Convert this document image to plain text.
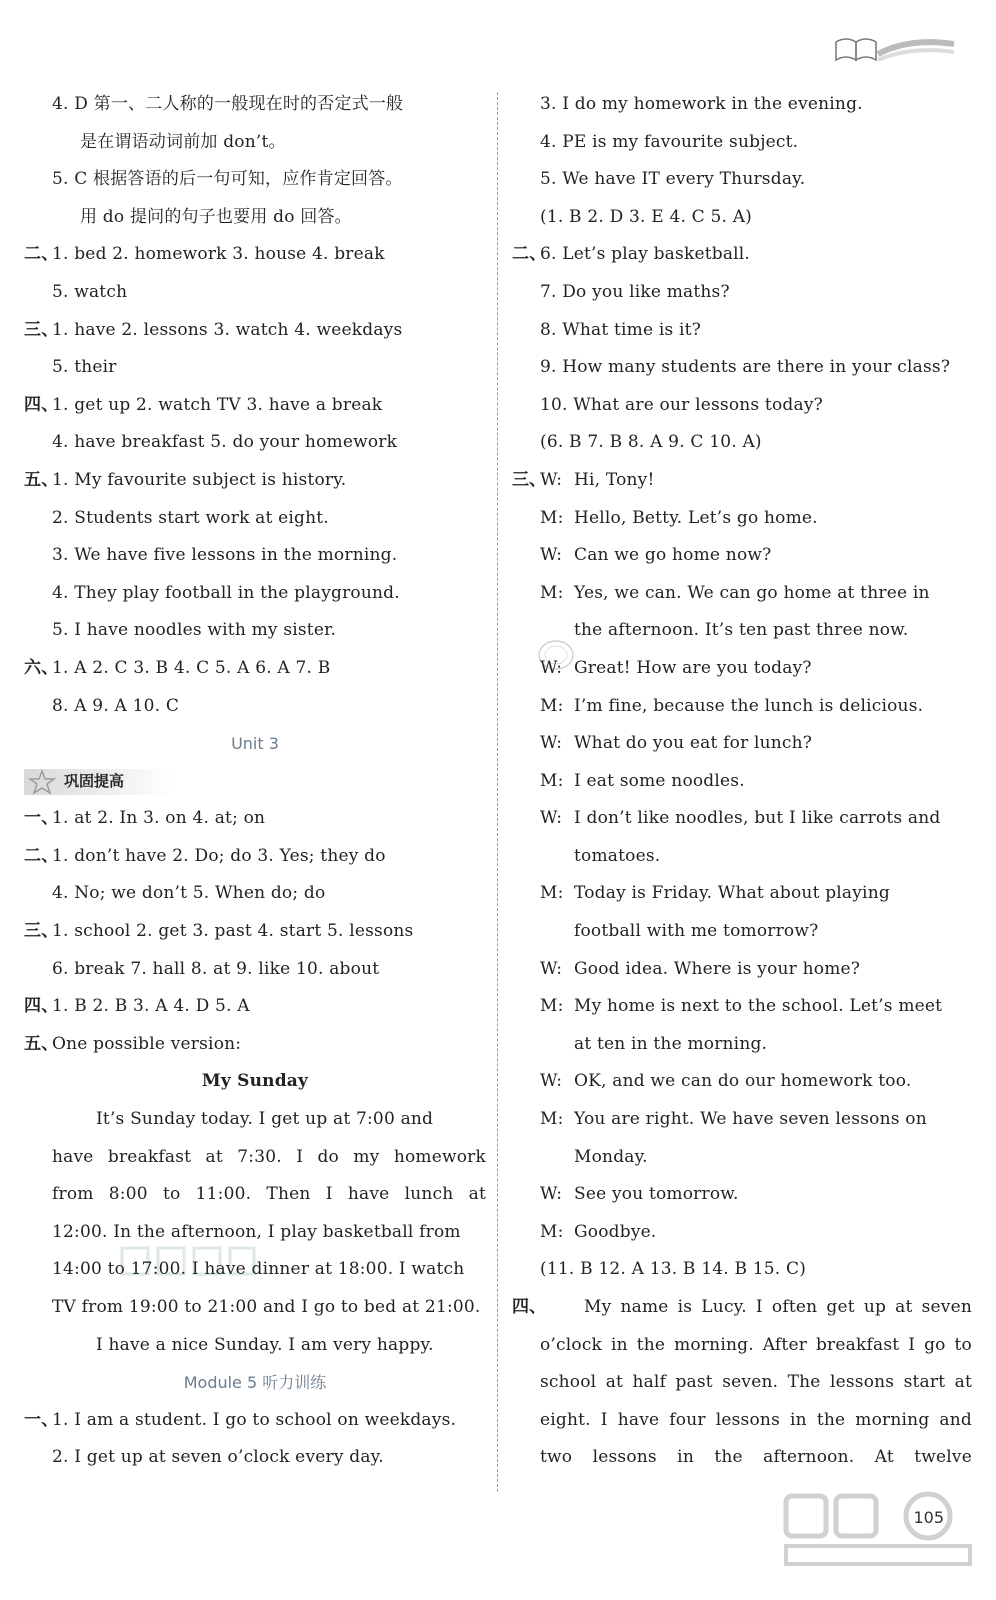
4. D 第一、二人称的一般现在时的否定式一般
是在谓语动词前加 don’t。
5. C 根据答语的后一句可知，应作肯定回答。
用 do 提问的句子也要用 do 回答。
二、
1. bed 2. homework 3. house 4. break
5. watch
三、
1. have 2. lessons 3. watch 4. weekdays
5. their
四、
1. get up 2. watch TV 3. have a break
4. have breakfast 5. do your homework
五、
1. My favourite subject is history.
2. Students start work at eight.
3. We have five lessons in the morning.
4. They play football in the playground.
5. I have noodles with my sister.
六、
1. A 2. C 3. B 4. C 5. A 6. A 7. B
8. A 9. A 10. C
Unit 3
巩固提高
一、
1. at 2. In 3. on 4. at; on
二、
1. don’t have 2. Do; do 3. Yes; they do
4. No; we don’t 5. When do; do
三、
1. school 2. get 3. past 4. start 5. lessons
6. break 7. hall 8. at 9. like 10. about
四、
1. B 2. B 3. A 4. D 5. A
五、
One possible version:
My Sunday
It’s Sunday today. I get up at 7:00 and
have breakfast at 7:30. I do my homework
from 8:00 to 11:00. Then I have lunch at
12:00. In the afternoon, I play basketball from
14:00 to 17:00. I have dinner at 18:00. I watch
TV from 19:00 to 21:00 and I go to bed at 21:00.
I have a nice Sunday. I am very happy.
Module 5 听力训练
一、
1. I am a student. I go to school on weekdays.
2. I get up at seven o’clock every day.
3. I do my homework in the evening.
4. PE is my favourite subject.
5. We have IT every Thursday.
(1. B 2. D 3. E 4. C 5. A)
二、
6. Let’s play basketball.
7. Do you like maths?
8. What time is it?
9. How many students are there in your class?
10. What are our lessons today?
(6. B 7. B 8. A 9. C 10. A)
三、
W: Hi, Tony!
M: Hello, Betty. Let’s go home.
W: Can we go home now?
M: Yes, we can. We can go home at three in
the afternoon. It’s ten past three now.
W: Great! How are you today?
M: I’m fine, because the lunch is delicious.
W: What do you eat for lunch?
M: I eat some noodles.
W: I don’t like noodles, but I like carrots and
tomatoes.
M: Today is Friday. What about playing
football with me tomorrow?
W: Good idea. Where is your home?
M: My home is next to the school. Let’s meet
at ten in the morning.
W: OK, and we can do our homework too.
M: You are right. We have seven lessons on
Monday.
W: See you tomorrow.
M: Goodbye.
(11. B 12. A 13. B 14. B 15. C)
四、	My name is Lucy. I often get up at seven
o’clock in the morning. After breakfast I go to
school at half past seven. The lessons start at
eight. I have four lessons in the morning and
two lessons in the afternoon. At twelve
105
